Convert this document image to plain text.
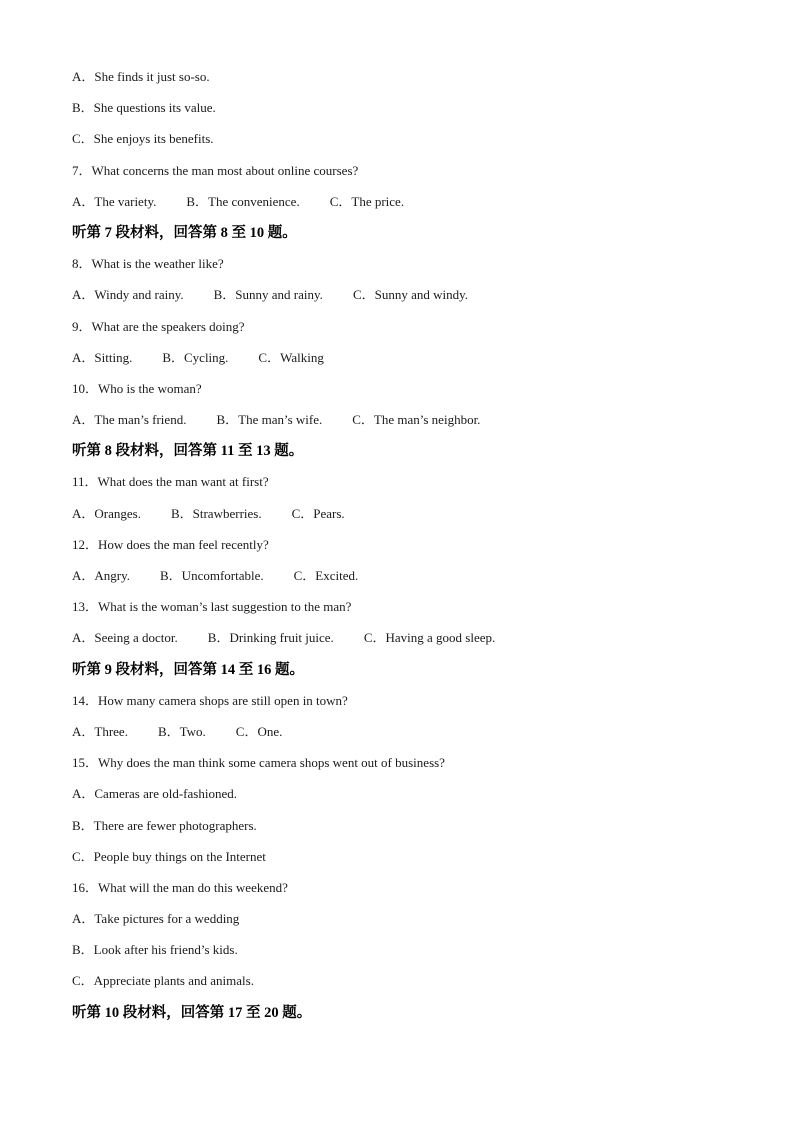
A．She finds it just so-so.
B．She questions its value.
C．She enjoys its benefits.
7．What concerns the man most about online courses?
A．The variety. B．The convenience. C．The price.
听第 7 段材料，回答第 8 至 10 题。
8．What is the weather like?
A．Windy and rainy. B．Sunny and rainy. C．Sunny and windy.
9．What are the speakers doing?
A．Sitting. B．Cycling. C．Walking
10．Who is the woman?
A．The man’s friend. B．The man’s wife. C．The man’s neighbor.
听第 8 段材料，回答第 11 至 13 题。
11．What does the man want at first?
A．Oranges. B．Strawberries. C．Pears.
12．How does the man feel recently?
A．Angry. B．Uncomfortable. C．Excited.
13．What is the woman’s last suggestion to the man?
A．Seeing a doctor. B．Drinking fruit juice. C．Having a good sleep.
听第 9 段材料，回答第 14 至 16 题。
14．How many camera shops are still open in town?
A．Three. B．Two. C．One.
15．Why does the man think some camera shops went out of business?
A．Cameras are old-fashioned.
B．There are fewer photographers.
C．People buy things on the Internet
16．What will the man do this weekend?
A．Take pictures for a wedding
B．Look after his friend’s kids.
C．Appreciate plants and animals.
听第 10 段材料，回答第 17 至 20 题。
